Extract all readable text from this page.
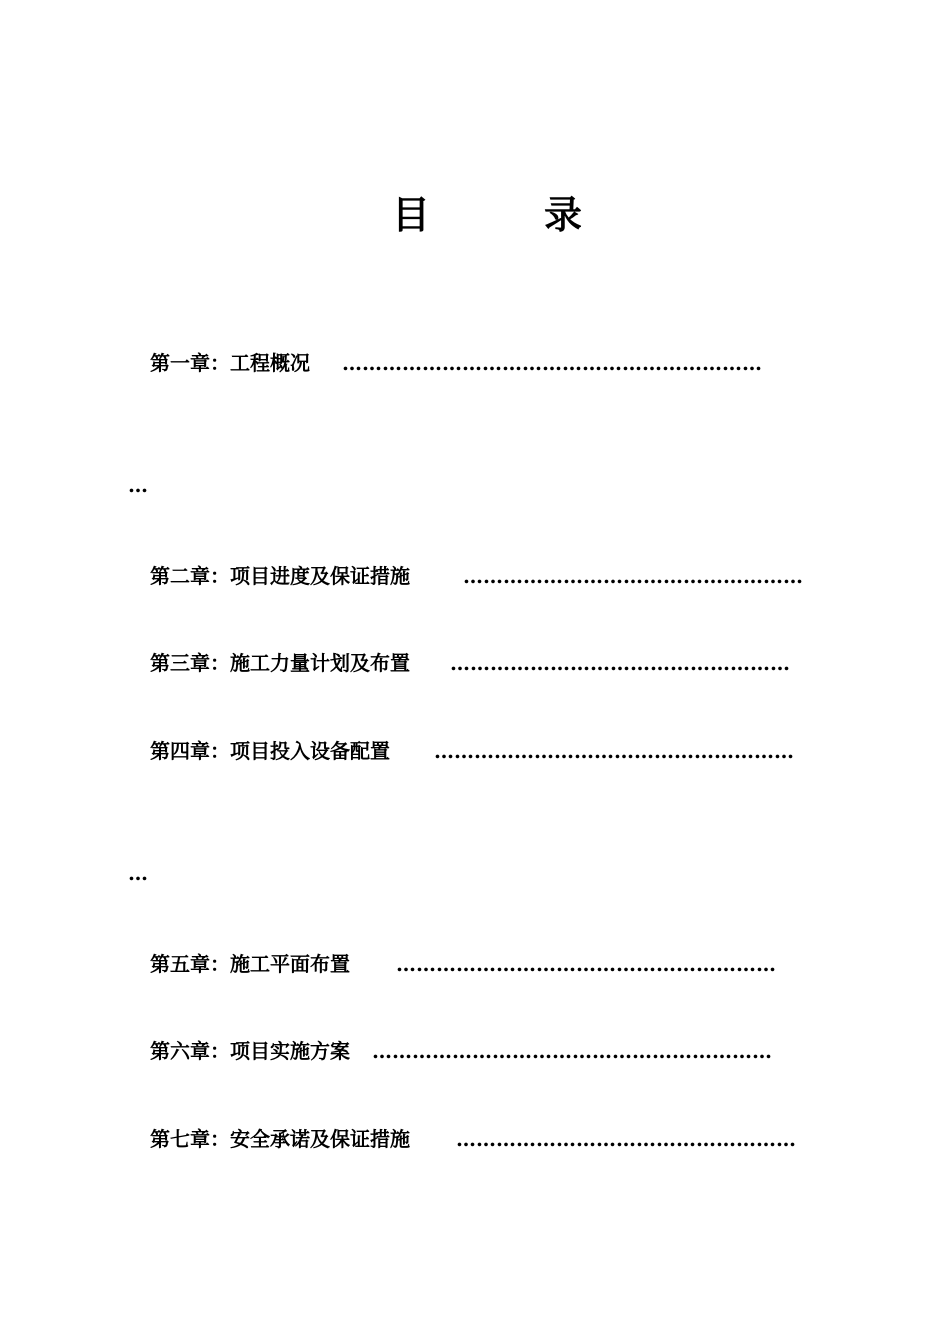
目	录
第一章：工程概况 ………………………………………………………
…
第二章：项目进度及保证措施	……………………………………………
第三章：施工力量计划及布置 ……………………………………………
第四章：项目投入设备配置 ………………………………………………
…
第五章：施工平面布置 …………………………………………………
第六章：项目实施方案 ……………………………………………………
第七章：安全承诺及保证措施 ……………………………………………
